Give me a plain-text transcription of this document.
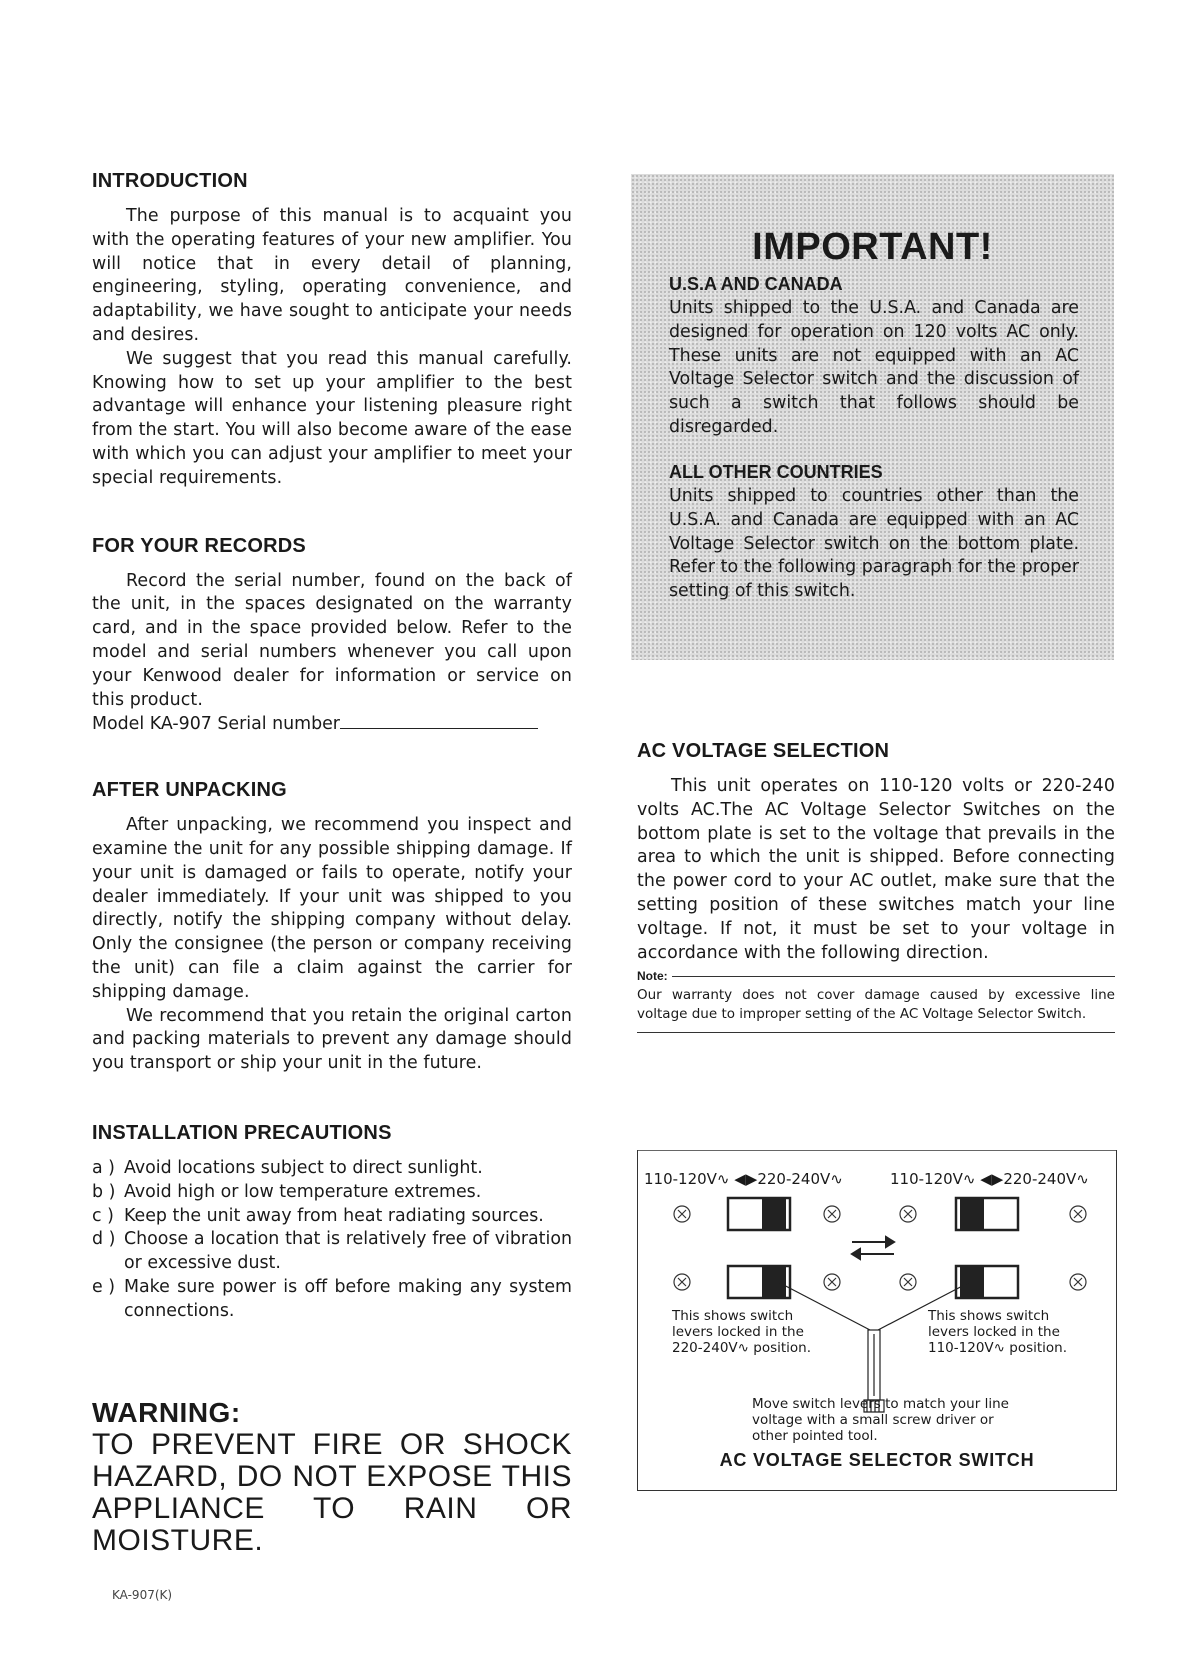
INTRODUCTION

The purpose of this manual is to acquaint you with the operating features of your new amplifier. You will notice that in every detail of planning, engineering, styling, operating convenience, and adaptability, we have sought to anticipate your needs and desires.

We suggest that you read this manual carefully. Knowing how to set up your amplifier to the best advantage will enhance your listening pleasure right from the start. You will also become aware of the ease with which you can adjust your amplifier to meet your special requirements.

FOR YOUR RECORDS

Record the serial number, found on the back of the unit, in the spaces designated on the warranty card, and in the space provided below. Refer to the model and serial numbers whenever you call upon your Kenwood dealer for information or service on this product.

Model KA-907 Serial number
AFTER UNPACKING

After unpacking, we recommend you inspect and examine the unit for any possible shipping damage. If your unit is damaged or fails to operate, notify your dealer immediately. If your unit was shipped to you directly, notify the shipping company without delay. Only the consignee (the person or company receiving the unit) can file a claim against the carrier for shipping damage.

We recommend that you retain the original carton and packing materials to prevent any damage should you transport or ship your unit in the future.

INSTALLATION PRECAUTIONS
a ) Avoid locations subject to direct sunlight.
b ) Avoid high or low temperature extremes.
c ) Keep the unit away from heat radiating sources.
d ) Choose a location that is relatively free of vibration or excessive dust.
e ) Make sure power is off before making any system connections.
WARNING:

TO PREVENT FIRE OR SHOCK HAZARD, DO NOT EXPOSE THIS APPLIANCE TO RAIN OR MOISTURE.

IMPORTANT!
U.S.A AND CANADA

Units shipped to the U.S.A. and Canada are designed for operation on 120 volts AC only. These units are not equipped with an AC Voltage Selector switch and the discussion of such a switch that follows should be disregarded.

ALL OTHER COUNTRIES

Units shipped to countries other than the U.S.A. and Canada are equipped with an AC Voltage Selector switch on the bottom plate. Refer to the following paragraph for the proper setting of this switch.

AC VOLTAGE SELECTION

This unit operates on 110-120 volts or 220-240 volts AC.The AC Voltage Selector Switches on the bottom plate is set to the voltage that prevails in the area to which the unit is shipped. Before connecting the power cord to your AC outlet, make sure that the setting position of these switches match your line voltage. If not, it must be set to your voltage in accordance with the following direction.

Note:

Our warranty does not cover damage caused by excessive line voltage due to improper setting of the AC Voltage Selector Switch.

110-120V∿ ◀▶220-240V∿	110-120V∿ ◀▶220-240V∿
This shows switch levers locked in the 220-240V∿ position.
This shows switch levers locked in the 110-120V∿ position.
Move switch levers to match your line voltage with a small screw driver or other pointed tool.
AC VOLTAGE SELECTOR SWITCH
KA-907(K)
